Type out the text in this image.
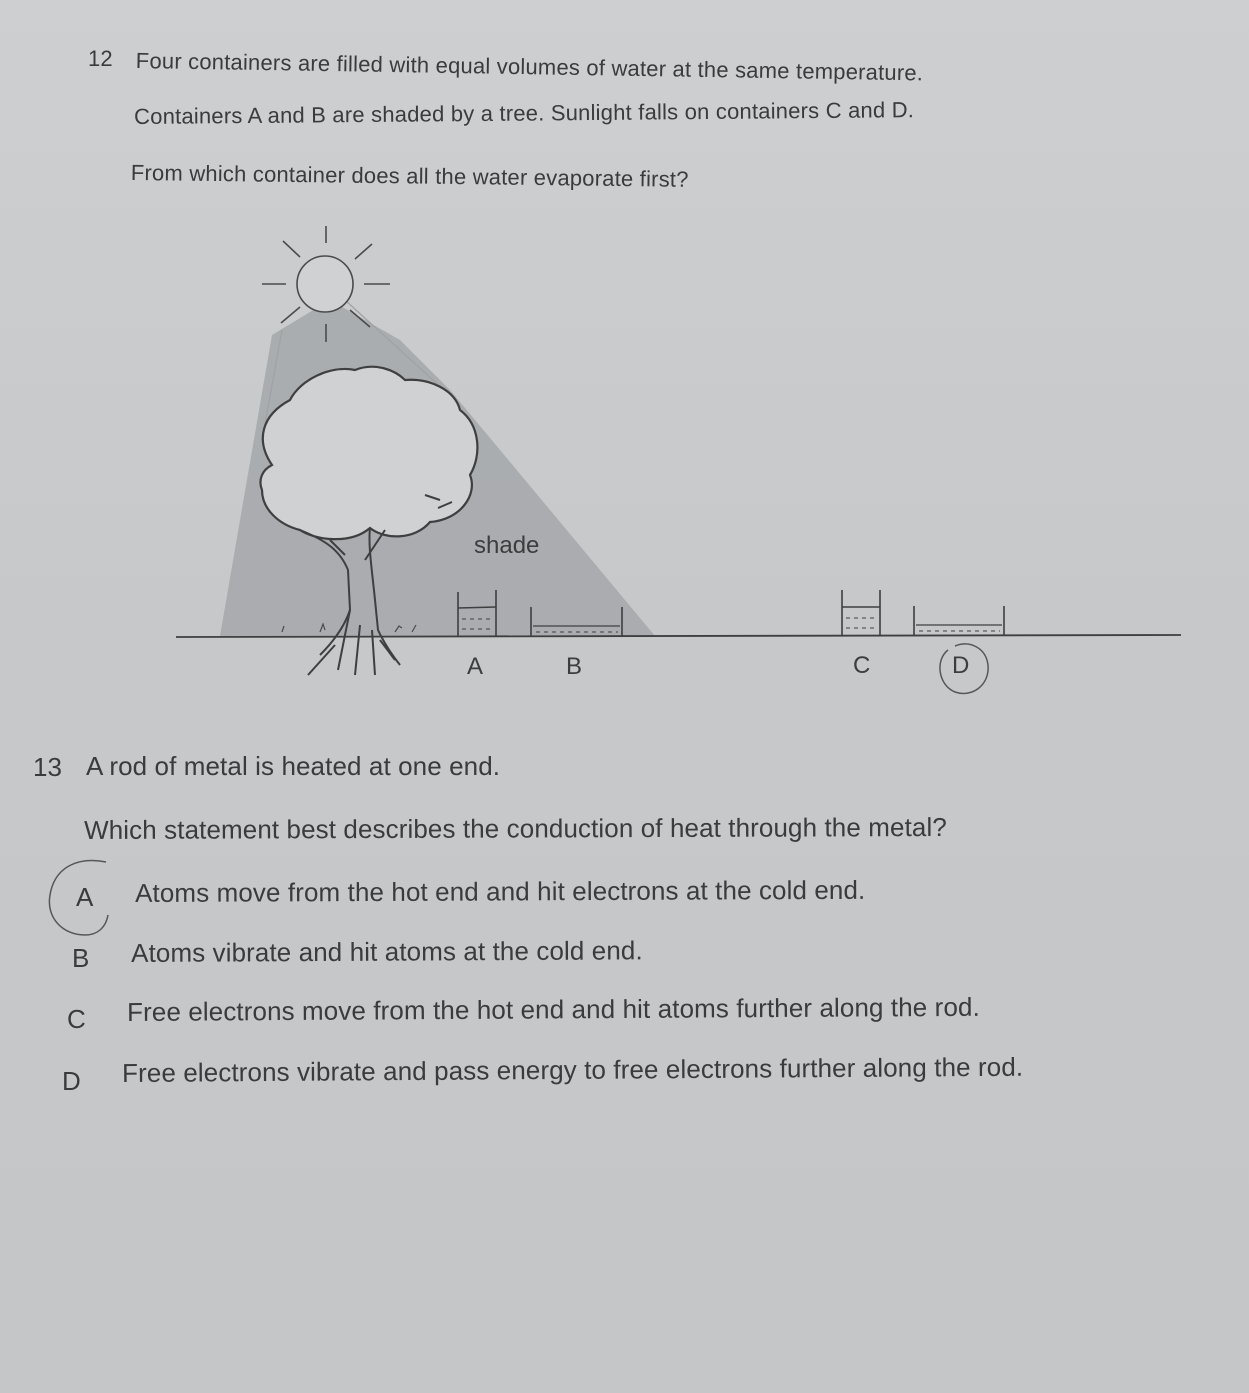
12 Four containers are filled with equal volumes of water at the same temperature.

Containers A and B are shaded by a tree. Sunlight falls on containers C and D.

From which container does all the water evaporate first?

shade
A	B	C	D

13 A rod of metal is heated at one end.

Which statement best describes the conduction of heat through the metal?

A Atoms move from the hot end and hit electrons at the cold end.

B Atoms vibrate and hit atoms at the cold end.

C Free electrons move from the hot end and hit atoms further along the rod.

D Free electrons vibrate and pass energy to free electrons further along the rod.
